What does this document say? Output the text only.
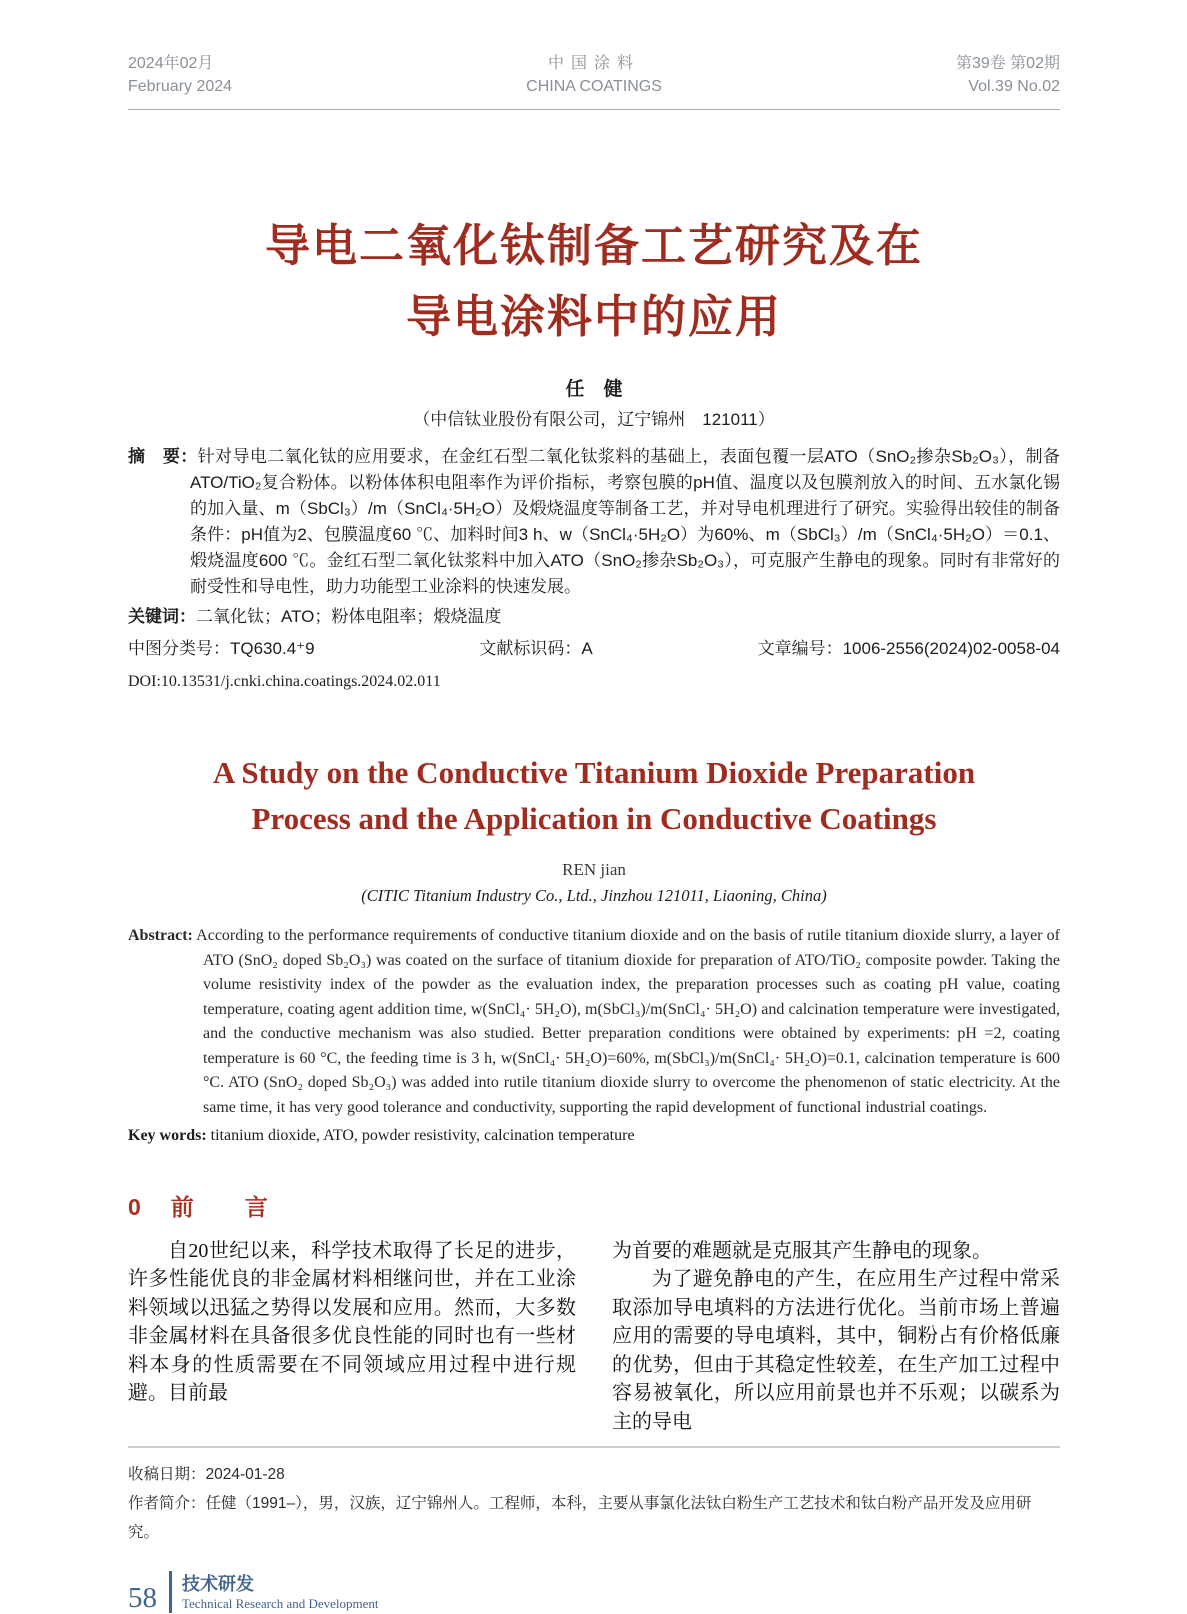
2024年02月
February 2024
中国涂料
CHINA COATINGS
第39卷 第02期
Vol.39 No.02
导电二氧化钛制备工艺研究及在
导电涂料中的应用
任　健
（中信钛业股份有限公司，辽宁锦州　121011）

摘　要：针对导电二氧化钛的应用要求，在金红石型二氧化钛浆料的基础上，表面包覆一层ATO（SnO₂掺杂Sb₂O₃），制备ATO/TiO₂复合粉体。以粉体体积电阻率作为评价指标，考察包膜的pH值、温度以及包膜剂放入的时间、五水氯化锡的加入量、m（SbCl₃）/m（SnCl₄·5H₂O）及煅烧温度等制备工艺，并对导电机理进行了研究。实验得出较佳的制备条件：pH值为2、包膜温度60 ℃、加料时间3 h、w（SnCl₄·5H₂O）为60%、m（SbCl₃）/m（SnCl₄·5H₂O）＝0.1、煅烧温度600 ℃。金红石型二氧化钛浆料中加入ATO（SnO₂掺杂Sb₂O₃），可克服产生静电的现象。同时有非常好的耐受性和导电性，助力功能型工业涂料的快速发展。

关键词：二氧化钛；ATO；粉体电阻率；煅烧温度

中图分类号：TQ630.4⁺9	文献标识码：A	文章编号：1006-2556(2024)02-0058-04
DOI:10.13531/j.cnki.china.coatings.2024.02.011
A Study on the Conductive Titanium Dioxide Preparation
Process and the Application in Conductive Coatings
REN jian
(CITIC Titanium Industry Co., Ltd., Jinzhou 121011, Liaoning, China)

Abstract: According to the performance requirements of conductive titanium dioxide and on the basis of rutile titanium dioxide slurry, a layer of ATO (SnO₂ doped Sb₂O₃) was coated on the surface of titanium dioxide for preparation of ATO/TiO₂ composite powder. Taking the volume resistivity index of the powder as the evaluation index, the preparation processes such as coating pH value, coating temperature, coating agent addition time, w(SnCl₄· 5H₂O), m(SbCl₃)/m(SnCl₄· 5H₂O) and calcination temperature were investigated, and the conductive mechanism was also studied. Better preparation conditions were obtained by experiments: pH =2, coating temperature is 60 °C, the feeding time is 3 h, w(SnCl₄· 5H₂O)=60%, m(SbCl₃)/m(SnCl₄· 5H₂O)=0.1, calcination temperature is 600 °C. ATO (SnO₂ doped Sb₂O₃) was added into rutile titanium dioxide slurry to overcome the phenomenon of static electricity. At the same time, it has very good tolerance and conductivity, supporting the rapid development of functional industrial coatings.

Key words: titanium dioxide, ATO, powder resistivity, calcination temperature

0 前　言

自20世纪以来，科学技术取得了长足的进步，许多性能优良的非金属材料相继问世，并在工业涂料领域以迅猛之势得以发展和应用。然而，大多数非金属材料在具备很多优良性能的同时也有一些材料本身的性质需要在不同领域应用过程中进行规避。目前最

为首要的难题就是克服其产生静电的现象。

为了避免静电的产生，在应用生产过程中常采取添加导电填料的方法进行优化。当前市场上普遍应用的需要的导电填料，其中，铜粉占有价格低廉的优势，但由于其稳定性较差，在生产加工过程中容易被氧化，所以应用前景也并不乐观；以碳系为主的导电

收稿日期：2024-01-28
作者简介：任健（1991–），男，汉族，辽宁锦州人。工程师，本科，主要从事氯化法钛白粉生产工艺技术和钛白粉产品开发及应用研究。
58 技术研发
Technical Research and Development
